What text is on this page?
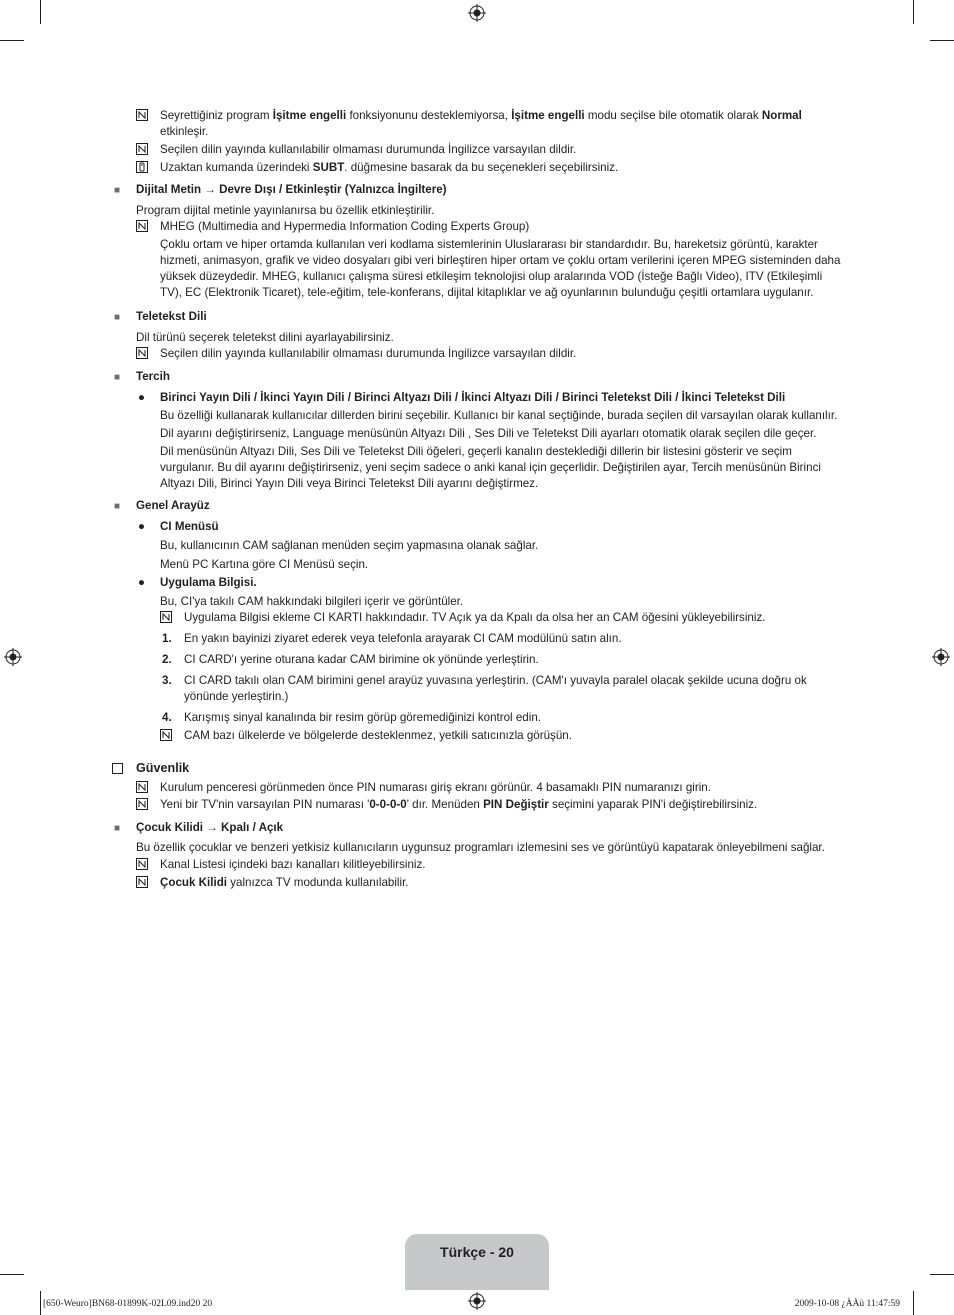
Seyrettiğiniz program İşitme engelli fonksiyonunu desteklemiyorsa, İşitme engelli modu seçilse bile otomatik olarak Normal etkinleşir.
Seçilen dilin yayında kullanılabilir olmaması durumunda İngilizce varsayılan dildir.
Uzaktan kumanda üzerindeki SUBT. düğmesine basarak da bu seçenekleri seçebilirsiniz.
■ Dijital Metin → Devre Dışı / Etkinleştir (Yalnızca İngiltere)
Program dijital metinle yayınlanırsa bu özellik etkinleştirilir.
MHEG (Multimedia and Hypermedia Information Coding Experts Group)
Çoklu ortam ve hiper ortamda kullanılan veri kodlama sistemlerinin Uluslararası bir standardıdır. Bu, hareketsiz görüntü, karakter hizmeti, animasyon, grafik ve video dosyaları gibi veri birleştiren hiper ortam ve çoklu ortam verilerini içeren MPEG sisteminden daha yüksek düzeydedir. MHEG, kullanıcı çalışma süresi etkileşim teknolojisi olup aralarında VOD (İsteğe Bağlı Video), ITV (Etkileşimli TV), EC (Elektronik Ticaret), tele-eğitim, tele-konferans, dijital kitaplıklar ve ağ oyunlarının bulunduğu çeşitli ortamlara uygulanır.
■ Teletekst Dili
Dil türünü seçerek teletekst dilini ayarlayabilirsiniz.
Seçilen dilin yayında kullanılabilir olmaması durumunda İngilizce varsayılan dildir.
■ Tercih
● Birinci Yayın Dili / İkinci Yayın Dili / Birinci Altyazı Dili / İkinci Altyazı Dili / Birinci Teletekst Dili / İkinci Teletekst Dili
Bu özelliği kullanarak kullanıcılar dillerden birini seçebilir. Kullanıcı bir kanal seçtiğinde, burada seçilen dil varsayılan olarak kullanılır.
Dil ayarını değiştirirseniz, Language menüsünün Altyazı Dili , Ses Dili ve Teletekst Dili ayarları otomatik olarak seçilen dile geçer.
Dil menüsünün Altyazı Dili, Ses Dili ve Teletekst Dili öğeleri, geçerli kanalın desteklediği dillerin bir listesini gösterir ve seçim vurgulanır. Bu dil ayarını değiştirirseniz, yeni seçim sadece o anki kanal için geçerlidir. Değiştirilen ayar, Tercih menüsünün Birinci Altyazı Dili, Birinci Yayın Dili veya Birinci Teletekst Dili ayarını değiştirmez.
■ Genel Arayüz
● CI Menüsü
Bu, kullanıcının CAM sağlanan menüden seçim yapmasına olanak sağlar.
Menü PC Kartına göre CI Menüsü seçin.
● Uygulama Bilgisi.
Bu, CI'ya takılı CAM hakkındaki bilgileri içerir ve görüntüler.
Uygulama Bilgisi ekleme CI KARTI hakkındadır. TV Açık ya da Kpalı da olsa her an CAM öğesini yükleyebilirsiniz.
1. En yakın bayinizi ziyaret ederek veya telefonla arayarak CI CAM modülünü satın alın.
2. CI CARD'ı yerine oturana kadar CAM birimine ok yönünde yerleştirin.
3. CI CARD takılı olan CAM birimini genel arayüz yuvasına yerleştirin. (CAM'ı yuvayla paralel olacak şekilde ucuna doğru ok yönünde yerleştirin.)
4. Karışmış sinyal kanalında bir resim görüp göremediğinizi kontrol edin.
CAM bazı ülkelerde ve bölgelerde desteklenmez, yetkili satıcınızla görüşün.
Güvenlik
Kurulum penceresi görünmeden önce PIN numarası giriş ekranı görünür. 4 basamaklı PIN numaranızı girin.
Yeni bir TV'nin varsayılan PIN numarası '0-0-0-0' dır. Menüden PIN Değiştir seçimini yaparak PIN'i değiştirebilirsiniz.
■ Çocuk Kilidi → Kpalı / Açık
Bu özellik çocuklar ve benzeri yetkisiz kullanıcıların uygunsuz programları izlemesini ses ve görüntüyü kapatarak önleyebilmeni sağlar.
Kanal Listesi içindeki bazı kanalları kilitleyebilirsiniz.
Çocuk Kilidi yalnızca TV modunda kullanılabilir.
Türkçe - 20
[650-Weuro]BN68-01899K-02L09.ind20 20	2009-10-08 ¿ÀÀü 11:47:59
